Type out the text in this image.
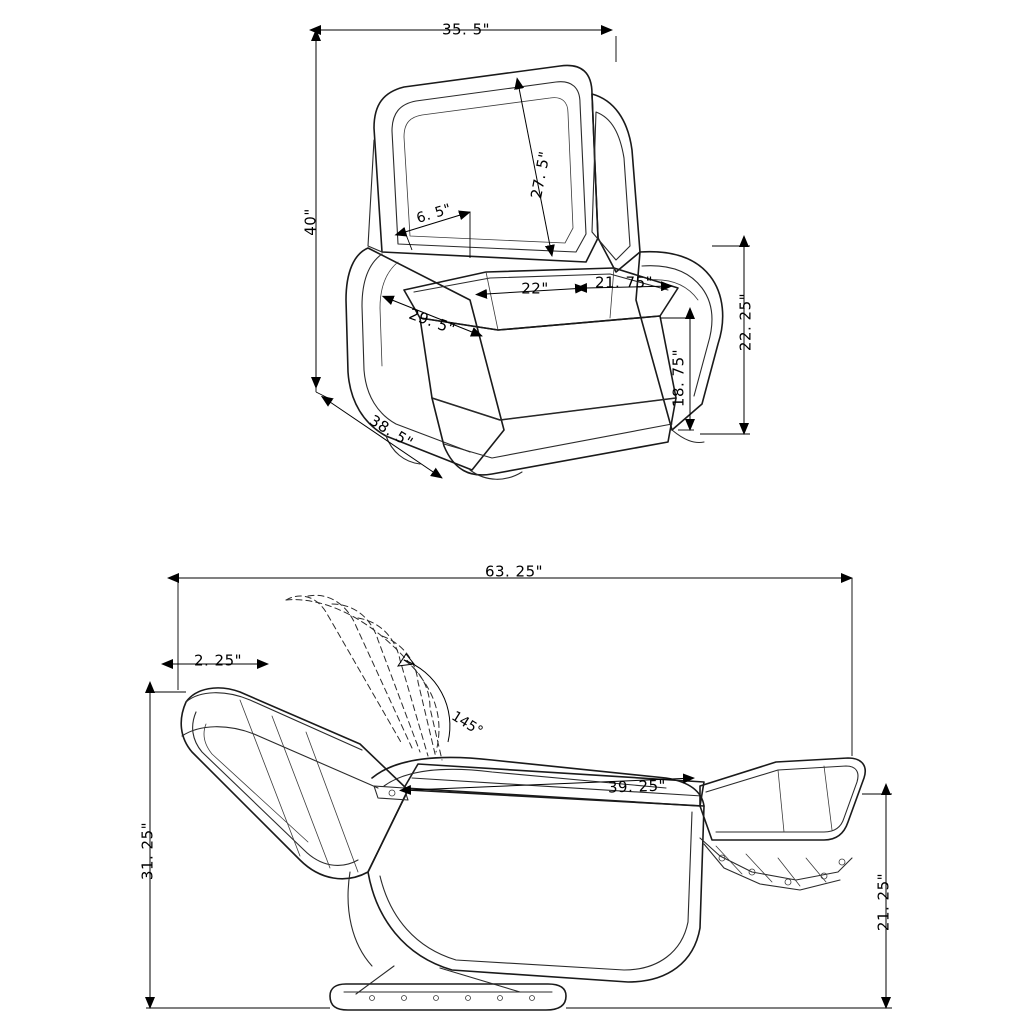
35. 5"
40"
27. 5"
6. 5"
22"	21. 75"
29. 5"
38. 5"
18. 75"
22. 25"
63. 25"
2. 25"
145°
39. 25"
31. 25"
21. 25"
